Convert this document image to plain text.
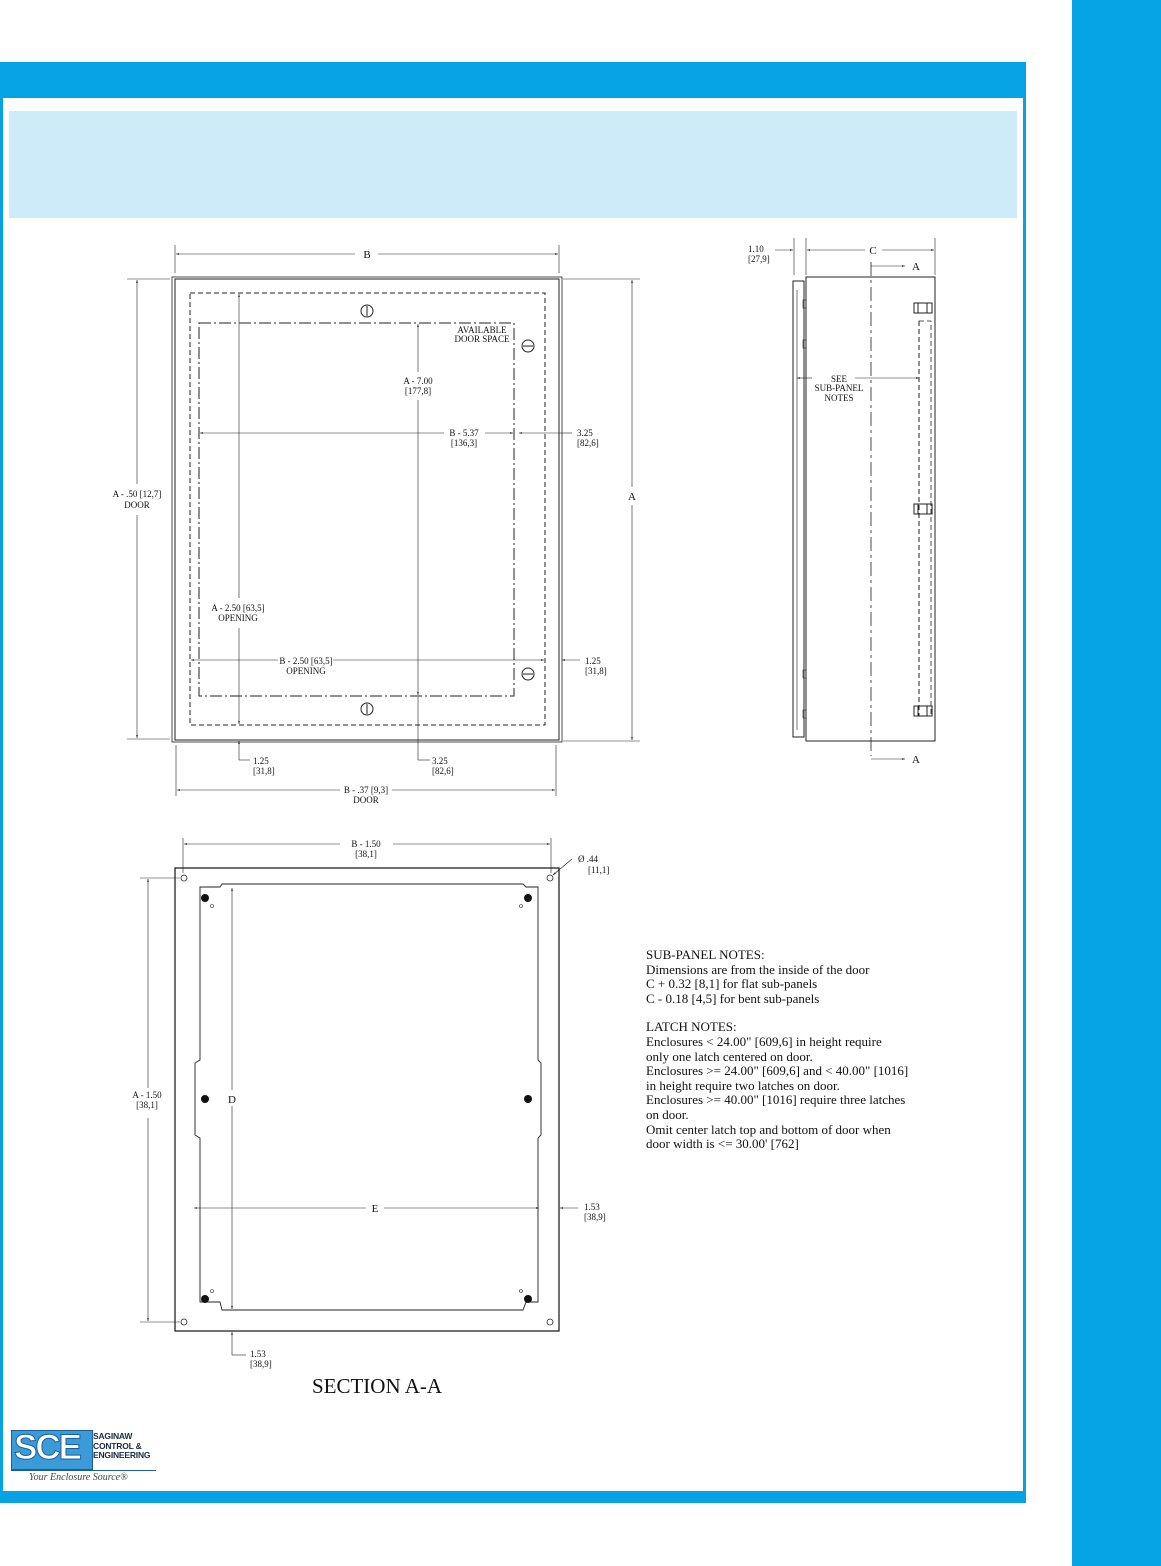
B
A - .50 [12,7]
DOOR
A
AVAILABLE
DOOR SPACE
A - 7.00
[177,8]
B - 5.37
[136,3]
3.25
[82,6]
A - 2.50 [63,5]
OPENING
B - 2.50 [63,5]
OPENING
1.25
[31,8]
1.25
[31,8]
3.25
[82,6]
B - .37 [9,3]
DOOR
1.10
[27,9]
C
A
A
SEE
SUB-PANEL
NOTES
B - 1.50
[38,1]	Ø .44
[11,1]
A - 1.50
[38,1]	D
E	1.53
[38,9]
1.53
[38,9]
SECTION A-A
SUB-PANEL NOTES:
Dimensions are from the inside of the door
C + 0.32 [8,1] for flat sub-panels
C - 0.18 [4,5] for bent sub-panels
LATCH NOTES:
Enclosures < 24.00" [609,6] in height require
only one latch centered on door.
Enclosures >= 24.00" [609,6] and < 40.00" [1016]
in height require two latches on door.
Enclosures >= 40.00" [1016] require three latches
on door.
Omit center latch top and bottom of door when
door width is <= 30.00' [762]
SCE SAGINAW
CONTROL &
ENGINEERING
Your Enclosure Source®
